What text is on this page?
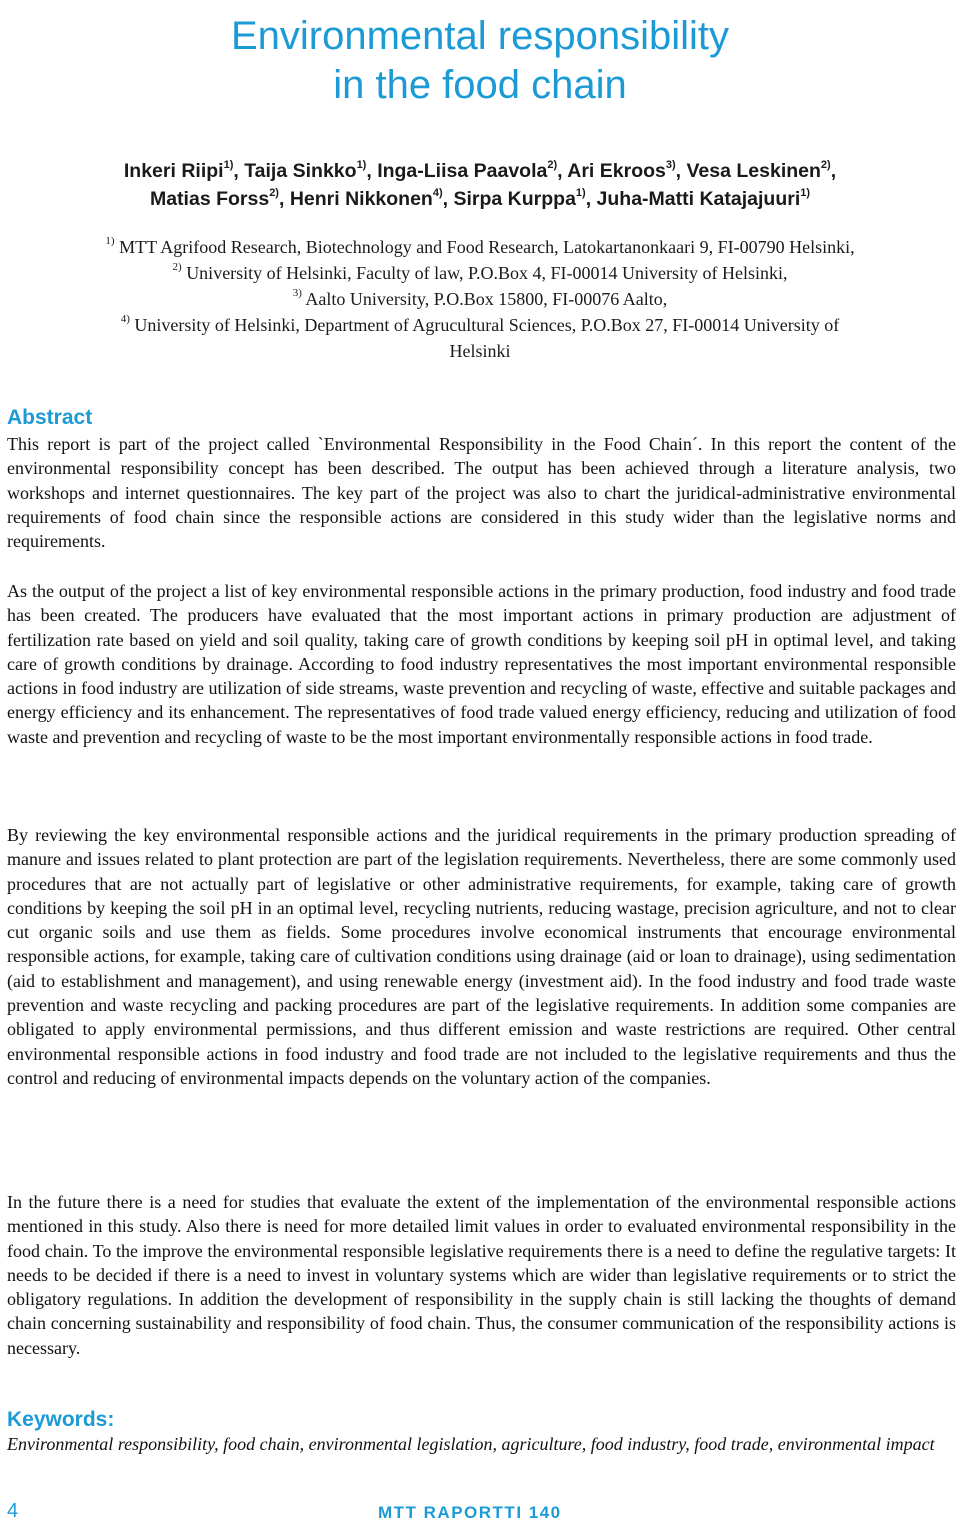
Environmental responsibility
in the food chain
Inkeri Riipi$^{1)}$, Taija Sinkko$^{1)}$, Inga-Liisa Paavola$^{2)}$, Ari Ekroos$^{3)}$, Vesa Leskinen$^{2)}$,
Matias Forss$^{2)}$, Henri Nikkonen$^{4)}$, Sirpa Kurppa$^{1)}$, Juha-Matti Katajajuuri$^{1)}$
$^{1)}$ MTT Agrifood Research, Biotechnology and Food Research, Latokartanonkaari 9, FI-00790 Helsinki,
$^{2)}$ University of Helsinki, Faculty of law, P.O.Box 4, FI-00014 University of Helsinki,
$^{3)}$ Aalto University, P.O.Box 15800, FI-00076 Aalto,
$^{4)}$ University of Helsinki, Department of Agrucultural Sciences, P.O.Box 27, FI-00014 University of
Helsinki
Abstract

This report is part of the project called `Environmental Responsibility in the Food Chain´. In this report the content of the environmental responsibility concept has been described. The output has been achieved through a literature analysis, two workshops and internet questionnaires. The key part of the project was also to chart the juridical-administrative environmental requirements of food chain since the responsible actions are considered in this study wider than the legislative norms and requirements.

As the output of the project a list of key environmental responsible actions in the primary production, food industry and food trade has been created. The producers have evaluated that the most important actions in primary production are adjustment of fertilization rate based on yield and soil quality, taking care of growth conditions by keeping soil pH in optimal level, and taking care of growth conditions by drainage. According to food industry representatives the most important environmental responsible actions in food industry are utilization of side streams, waste prevention and recycling of waste, effective and suitable packages and energy efficiency and its enhancement. The representatives of food trade valued energy efficiency, reducing and utilization of food waste and prevention and recycling of waste to be the most important environmentally responsible actions in food trade.

By reviewing the key environmental responsible actions and the juridical requirements in the primary production spreading of manure and issues related to plant protection are part of the legislation requirements. Nevertheless, there are some commonly used procedures that are not actually part of legislative or other administrative requirements, for example, taking care of growth conditions by keeping the soil pH in an optimal level, recycling nutrients, reducing wastage, precision agriculture, and not to clear cut organic soils and use them as fields. Some procedures involve economical instruments that encourage environmental responsible actions, for example, taking care of cultivation conditions using drainage (aid or loan to drainage), using sedimentation (aid to establishment and management), and using renewable energy (investment aid). In the food industry and food trade waste prevention and waste recycling and packing procedures are part of the legislative requirements. In addition some companies are obligated to apply environmental permissions, and thus different emission and waste restrictions are required. Other central environmental responsible actions in food industry and food trade are not included to the legislative requirements and thus the control and reducing of environmental impacts depends on the voluntary action of the companies.

In the future there is a need for studies that evaluate the extent of the implementation of the environmental responsible actions mentioned in this study. Also there is need for more detailed limit values in order to evaluated environmental responsibility in the food chain. To the improve the environmental responsible legislative requirements there is a need to define the regulative targets: It needs to be decided if there is a need to invest in voluntary systems which are wider than legislative requirements or to strict the obligatory regulations. In addition the development of responsibility in the supply chain is still lacking the thoughts of demand chain concerning sustainability and responsibility of food chain. Thus, the consumer communication of the responsibility actions is necessary.

Keywords:
Environmental responsibility, food chain, environmental legislation, agriculture, food industry, food trade, environmental impact
4	MTT RAPORTTI 140
